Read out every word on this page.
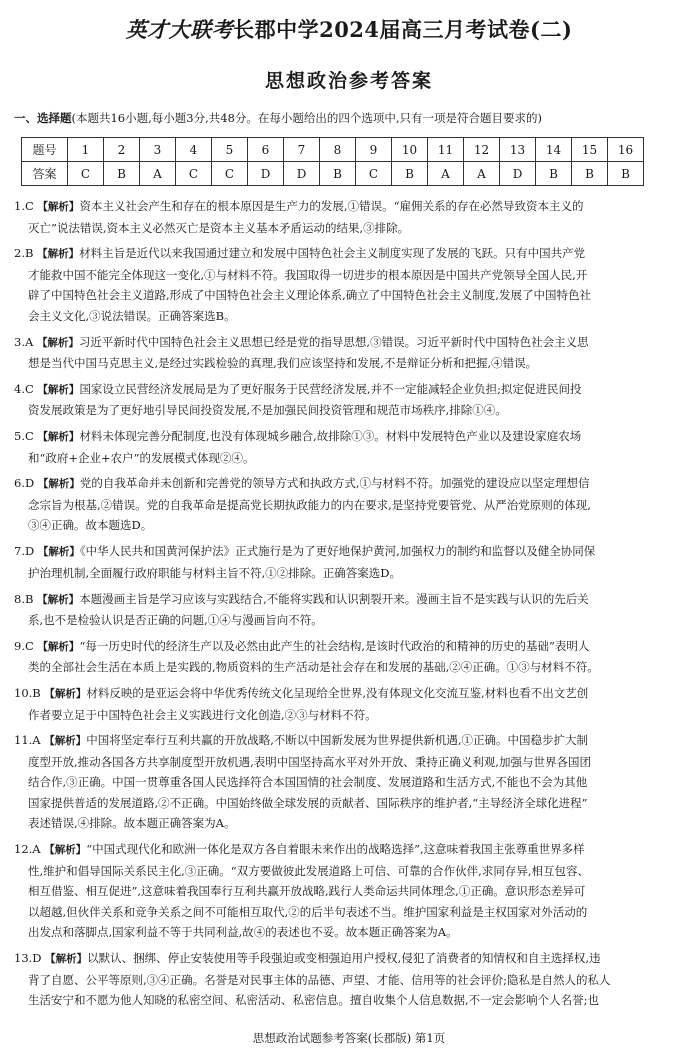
英才大联考长郡中学2024届高三月考试卷(二)
思想政治参考答案
一、选择题(本题共16小题,每小题3分,共48分。在每小题给出的四个选项中,只有一项是符合题目要求的)
题号	1	2	3	4	5	6	7	8	9	10	11	12	13	14	15	16
答案	C	B	A	C	C	D	D	B	C	B	A	A	D	B	B	B
1.C 【解析】资本主义社会产生和存在的根本原因是生产力的发展,①错误。“雇佣关系的存在必然导致资本主义的
灭亡”说法错误,资本主义必然灭亡是资本主义基本矛盾运动的结果,③排除。
2.B 【解析】材料主旨是近代以来我国通过建立和发展中国特色社会主义制度实现了发展的飞跃。只有中国共产党
才能救中国不能完全体现这一变化,①与材料不符。我国取得一切进步的根本原因是中国共产党领导全国人民,开
辟了中国特色社会主义道路,形成了中国特色社会主义理论体系,确立了中国特色社会主义制度,发展了中国特色社
会主义文化,③说法错误。正确答案选B。
3.A 【解析】习近平新时代中国特色社会主义思想已经是党的指导思想,③错误。习近平新时代中国特色社会主义思
想是当代中国马克思主义,是经过实践检验的真理,我们应该坚持和发展,不是辩证分析和把握,④错误。
4.C 【解析】国家设立民营经济发展局是为了更好服务于民营经济发展,并不一定能减轻企业负担;拟定促进民间投
资发展政策是为了更好地引导民间投资发展,不是加强民间投资管理和规范市场秩序,排除①④。
5.C 【解析】材料未体现完善分配制度,也没有体现城乡融合,故排除①③。材料中发展特色产业以及建设家庭农场
和“政府+企业+农户”的发展模式体现②④。
6.D 【解析】党的自我革命并未创新和完善党的领导方式和执政方式,①与材料不符。加强党的建设应以坚定理想信
念宗旨为根基,②错误。党的自我革命是提高党长期执政能力的内在要求,是坚持党要管党、从严治党原则的体现,
③④正确。故本题选D。
7.D 【解析】《中华人民共和国黄河保护法》正式施行是为了更好地保护黄河,加强权力的制约和监督以及健全协同保
护治理机制,全面履行政府职能与材料主旨不符,①②排除。正确答案选D。
8.B 【解析】本题漫画主旨是学习应该与实践结合,不能将实践和认识割裂开来。漫画主旨不是实践与认识的先后关
系,也不是检验认识是否正确的问题,①④与漫画旨向不符。
9.C 【解析】“每一历史时代的经济生产以及必然由此产生的社会结构,是该时代政治的和精神的历史的基础”表明人
类的全部社会生活在本质上是实践的,物质资料的生产活动是社会存在和发展的基础,②④正确。①③与材料不符。
10.B 【解析】材料反映的是亚运会将中华优秀传统文化呈现给全世界,没有体现文化交流互鉴,材料也看不出文艺创
作者要立足于中国特色社会主义实践进行文化创造,②③与材料不符。
11.A 【解析】中国将坚定奉行互利共赢的开放战略,不断以中国新发展为世界提供新机遇,①正确。中国稳步扩大制
度型开放,推动各国各方共享制度型开放机遇,表明中国坚持高水平对外开放、秉持正确义利观,加强与世界各国团
结合作,③正确。中国一贯尊重各国人民选择符合本国国情的社会制度、发展道路和生活方式,不能也不会为其他
国家提供普适的发展道路,②不正确。中国始终做全球发展的贡献者、国际秩序的维护者,“主导经济全球化进程”
表述错误,④排除。故本题正确答案为A。
12.A 【解析】“中国式现代化和欧洲一体化是双方各自着眼未来作出的战略选择”,这意味着我国主张尊重世界多样
性,维护和倡导国际关系民主化,③正确。“双方要做彼此发展道路上可信、可靠的合作伙伴,求同存异,相互包容、
相互借鉴、相互促进”,这意味着我国奉行互利共赢开放战略,践行人类命运共同体理念,①正确。意识形态差异可
以超越,但伙伴关系和竞争关系之间不可能相互取代,②的后半句表述不当。维护国家利益是主权国家对外活动的
出发点和落脚点,国家利益不等于共同利益,故④的表述也不妥。故本题正确答案为A。
13.D 【解析】以默认、捆绑、停止安装使用等手段强迫或变相强迫用户授权,侵犯了消费者的知情权和自主选择权,违
背了自愿、公平等原则,③④正确。名誉是对民事主体的品德、声望、才能、信用等的社会评价;隐私是自然人的私人
生活安宁和不愿为他人知晓的私密空间、私密活动、私密信息。擅自收集个人信息数据,不一定会影响个人名誉;也
思想政治试题参考答案(长郡版) 第1页
